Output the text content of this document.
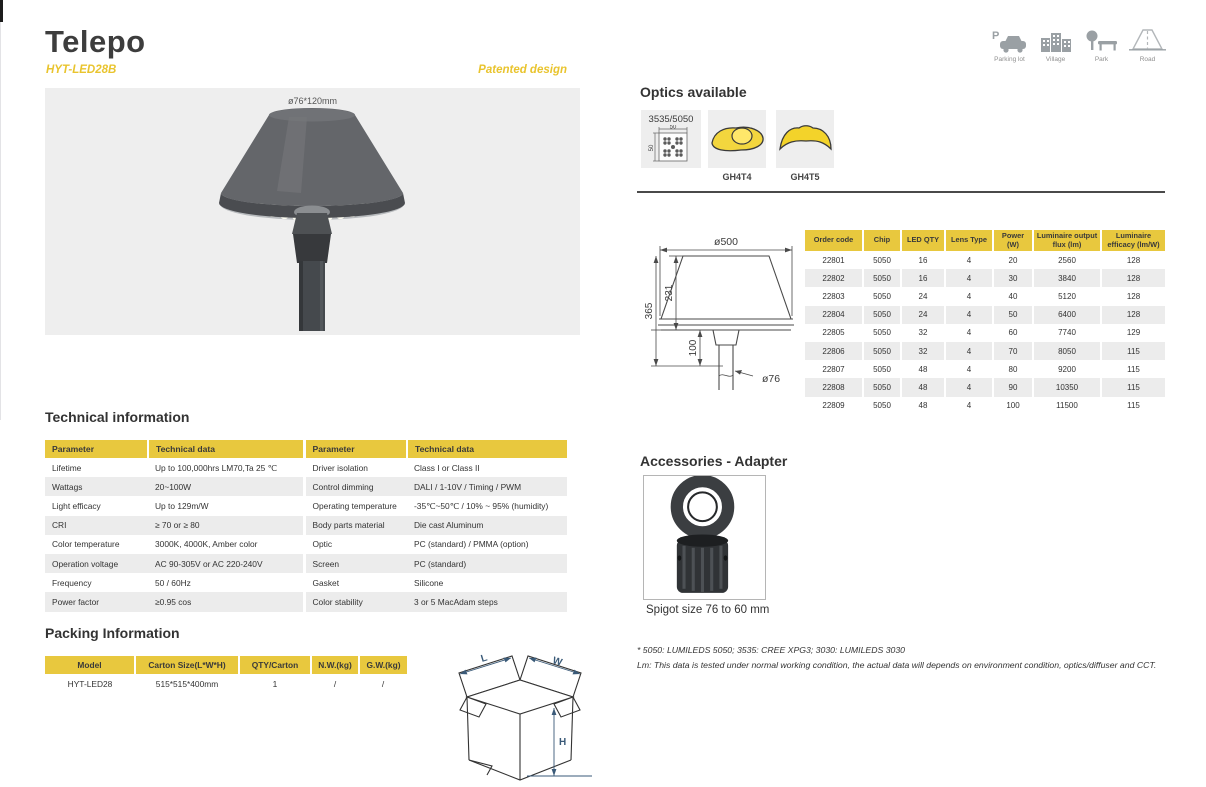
Telepo
HYT-LED28B	Patented design
P
Parking lot	Village	Park	Road
ø76*120mm
Optics available
3535/5050
50
50
GH4T4	GH4T5
ø500
231
365
100
ø76
Order code	Chip	LED QTY	Lens Type	Power (W)	Luminaire output flux (lm)	Luminaire efficacy (lm/W)
22801	5050	16	4	20	2560	128
22802	5050	16	4	30	3840	128
22803	5050	24	4	40	5120	128
22804	5050	24	4	50	6400	128
22805	5050	32	4	60	7740	129
22806	5050	32	4	70	8050	115
22807	5050	48	4	80	9200	115
22808	5050	48	4	90	10350	115
22809	5050	48	4	100	11500	115
Technical information
Parameter	Technical data	Parameter	Technical data
Lifetime	Up to 100,000hrs LM70,Ta 25 ℃	Driver isolation	Class I or Class II
Wattags	20~100W	Control dimming	DALI / 1-10V / Timing / PWM
Light efficacy	Up to 129m/W	Operating temperature	-35℃~50℃ / 10% ~ 95% (humidity)
CRI	≥ 70 or ≥ 80	Body parts material	Die cast Aluminum
Color temperature	3000K, 4000K, Amber color	Optic	PC (standard) / PMMA (option)
Operation voltage	AC 90-305V or AC 220-240V	Screen	PC (standard)
Frequency	50 / 60Hz	Gasket	Silicone
Power factor	≥0.95 cos	Color stability	3 or 5 MacAdam steps
Packing Information
Model	Carton Size(L*W*H)	QTY/Carton	N.W.(kg)	G.W.(kg)
HYT-LED28	515*515*400mm	1	/	/
L	W
H
Accessories - Adapter
Spigot size 76 to 60 mm
* 5050: LUMILEDS 5050; 3535: CREE XPG3; 3030: LUMILEDS 3030
Lm: This data is tested under normal working condition, the actual data will depends on environment condition, optics/diffuser and CCT.
